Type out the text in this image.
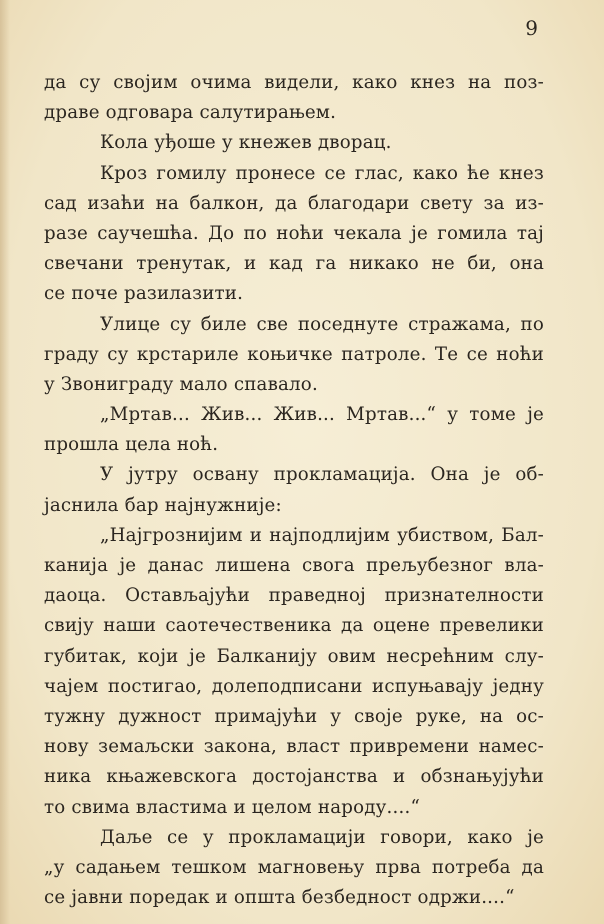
9
да су својим очима видели, како кнез на поз-
драве одговара салутирањем.
Кола уђоше у кнежев дворац.
Кроз гомилу пронесе се глас, како ће кнез
сад изаћи на балкон, да благодари свету за из-
разе саучешћа. До по ноћи чекала је гомила тај
свечани тренутак, и кад га никако не би, она
се поче разилазити.
Улице су биле све поседнуте стражама, по
граду су крстариле коњичке патроле. Те се ноћи
у Звониграду мало спавало.
„Мртав... Жив... Жив... Мртав...“ у томе је
прошла цела ноћ.
У јутру освану прокламација. Она је об-
јаснила бар најнужније:
„Најгрознијим и најподлијим убиством, Бал-
канија је данас лишена свога прељубезног вла-
даоца. Остављајући праведној признателности
свију наши саотечественика да оцене превелики
губитак, који је Балканију овим несрећним слу-
чајем постигао, долеподписани испуњавају једну
тужну дужност примајући у своје руке, на ос-
нову земаљски закона, власт привремени намес-
ника књажевскога достојанства и обзнањујући
то свима властима и целом народу....“
Даље се у прокламацији говори, како је
„у садањем тешком магновењу прва потреба да
се јавни поредак и општа безбедност одржи....“
